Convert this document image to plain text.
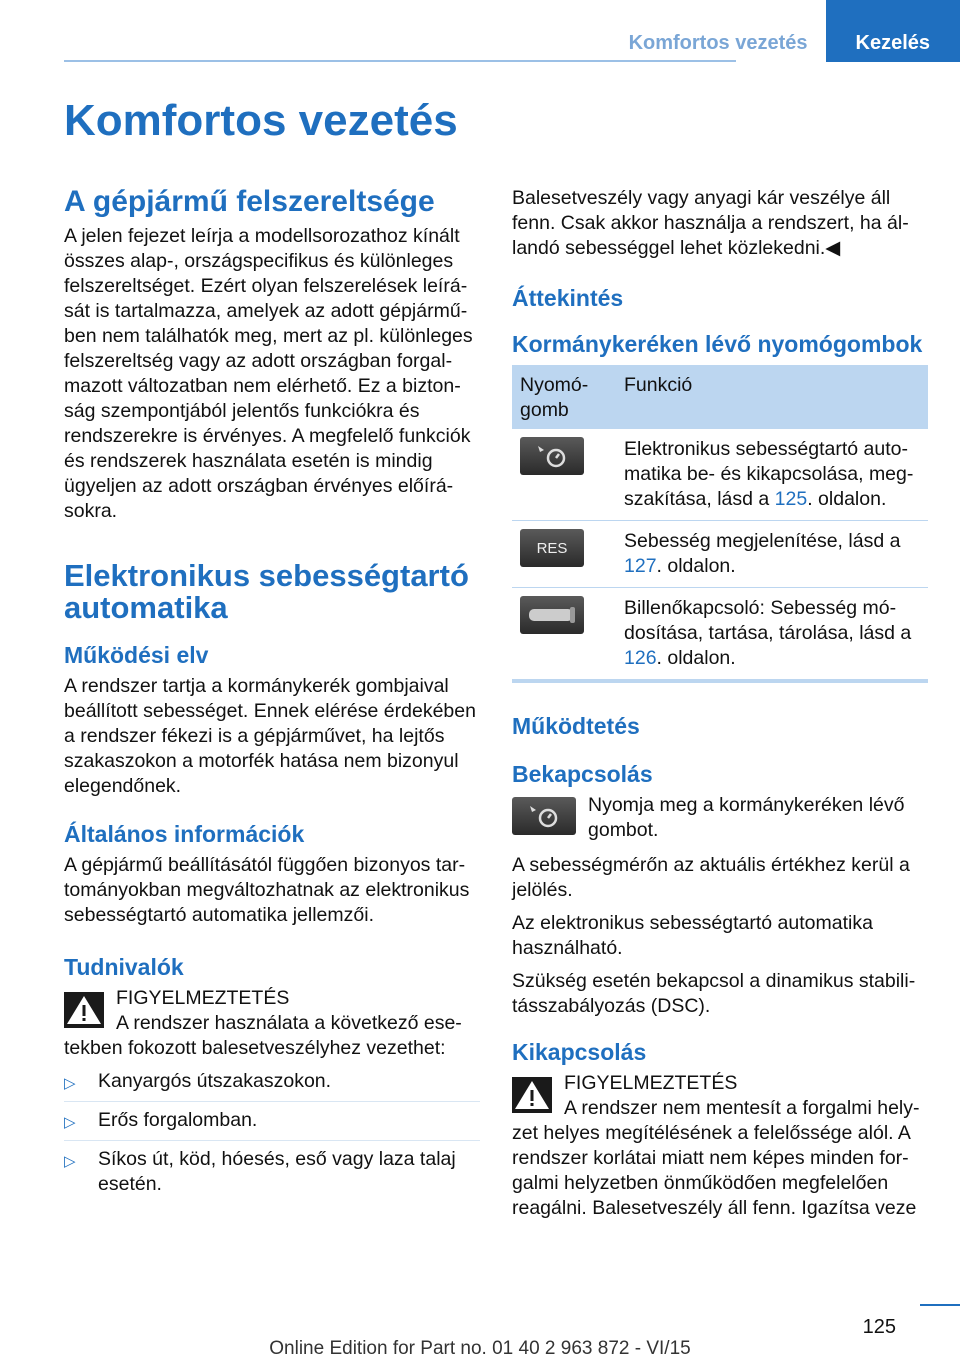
Komfortos vezetés	Kezelés
Komfortos vezetés
A gépjármű felszereltsége

A jelen fejezet leírja a modellsorozathoz kínált összes alap-, országspecifikus és különleges felszereltséget. Ezért olyan felszerelések leírását is tartalmazza, amelyek az adott gépjárműben nem találhatók meg, mert az pl. különleges felszereltség vagy az adott országban forgalmazott változatban nem elérhető. Ez a biztonság szempontjából jelentős funkciókra és rendszerekre is érvényes. A megfelelő funkciók és rendszerek használata esetén is mindig ügyeljen az adott országban érvényes előírásokra.

Elektronikus sebességtartó automatika
Működési elv

A rendszer tartja a kormánykerék gombjaival beállított sebességet. Ennek elérése érdekében a rendszer fékezi is a gépjárművet, ha lejtős szakaszokon a motorfék hatása nem bizonyul elegendőnek.

Általános információk

A gépjármű beállításától függően bizonyos tartományokban megváltozhatnak az elektronikus sebességtartó automatika jellemzői.

Tudnivalók
FIGYELMEZTETÉS
A rendszer használata a következő esetekben fokozott balesetveszélyhez vezethet:
▷ Kanyargós útszakaszokon.
▷ Erős forgalomban.
▷ Síkos út, köd, hóesés, eső vagy laza talaj esetén.

Balesetveszély vagy anyagi kár veszélye áll fenn. Csak akkor használja a rendszert, ha állandó sebességgel lehet közlekedni.◀

Áttekintés
Kormánykeréken lévő nyomógombok
Nyomógomb	Funkció

	Elektronikus sebességtartó automatika be- és kikapcsolása, megszakítása, lásd a 125. oldalon.

RES	Sebesség megjelenítése, lásd a 127. oldalon.

	Billenőkapcsoló: Sebesség módosítása, tartása, tárolása, lásd a 126. oldalon.
Működtetés
Bekapcsolás

Nyomja meg a kormánykeréken lévő gombot.

A sebességmérőn az aktuális értékhez kerül a jelölés.

Az elektronikus sebességtartó automatika használható.

Szükség esetén bekapcsol a dinamikus stabilitásszabályozás (DSC).

Kikapcsolás
FIGYELMEZTETÉS
A rendszer nem mentesít a forgalmi helyzet helyes megítélésének a felelőssége alól. A rendszer korlátai miatt nem képes minden forgalmi helyzetben önműködően megfelelően reagálni. Balesetveszély áll fenn. Igazítsa veze
125
Online Edition for Part no. 01 40 2 963 872 - VI/15
